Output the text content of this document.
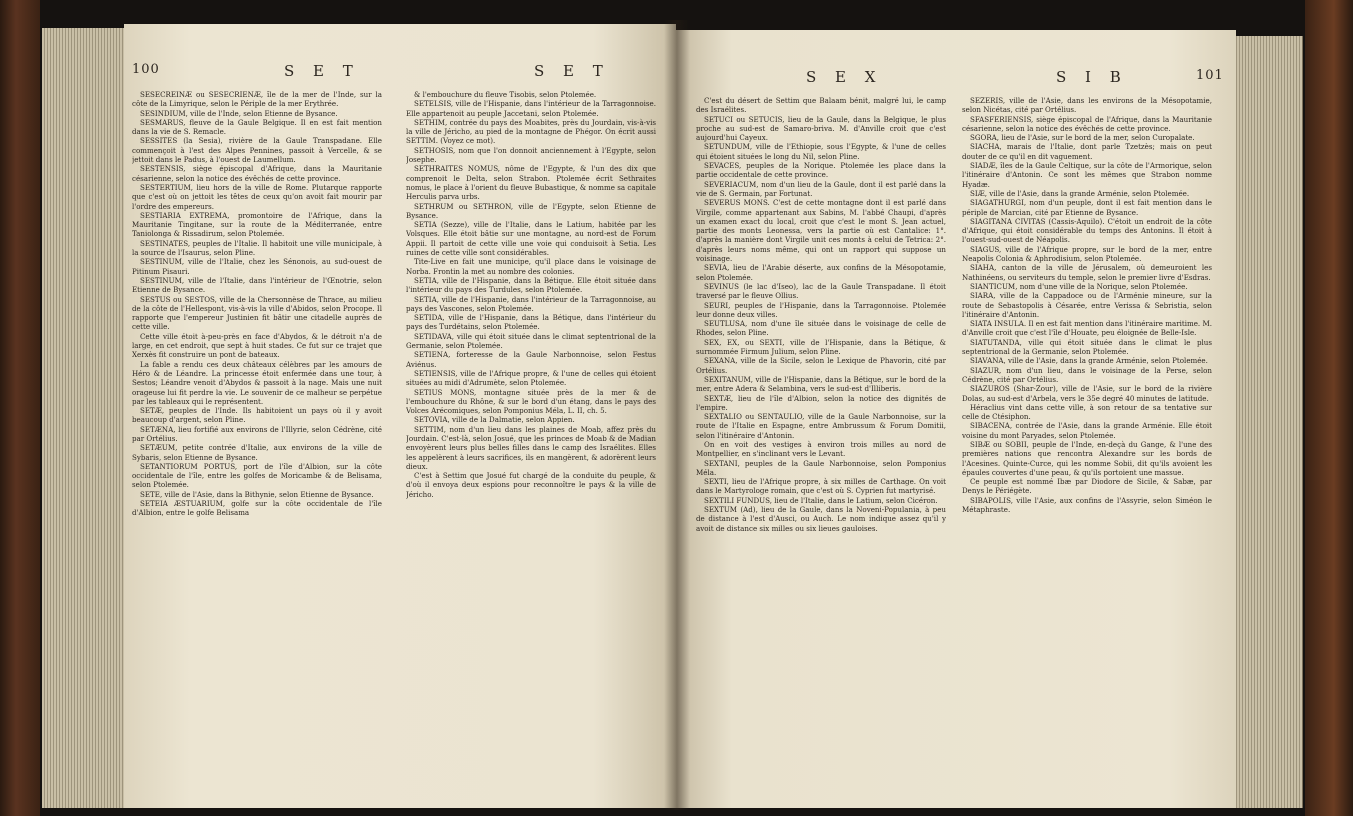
100	S E T	S E T

SESECREINÆ ou SESECRIENÆ, île de la mer de l'Inde, sur la côte de la Limyrique, selon le Périple de la mer Erythrée.

SESINDIUM, ville de l'Inde, selon Etienne de Bysance.

SESMARUS, fleuve de la Gaule Belgique. Il en est fait mention dans la vie de S. Remacle.

SESSITES (la Sesia), rivière de la Gaule Transpadane. Elle commençoit à l'est des Alpes Pennines, passoit à Vercelle, & se jettoit dans le Padus, à l'ouest de Laumellum.

SESTENSIS, siège épiscopal d'Afrique, dans la Mauritanie césarienne, selon la notice des évêchés de cette province.

SESTERTIUM, lieu hors de la ville de Rome. Plutarque rapporte que c'est où on jettoit les têtes de ceux qu'on avoit fait mourir par l'ordre des empereurs.

SESTIARIA EXTREMA, promontoire de l'Afrique, dans la Mauritanie Tingitane, sur la route de la Méditerranée, entre Taniolonga & Rissadirum, selon Ptolemée.

SESTINATES, peuples de l'Italie. Il habitoit une ville municipale, à la source de l'Isaurus, selon Pline.

SESTINUM, ville de l'Italie, chez les Sénonois, au sud-ouest de Pitinum Pisauri.

SESTINUM, ville de l'Italie, dans l'intérieur de l'Œnotrie, selon Etienne de Bysance.

SESTUS ou SESTOS, ville de la Chersonnèse de Thrace, au milieu de la côte de l'Hellespont, vis-à-vis la ville d'Abidos, selon Procope. Il rapporte que l'empereur Justinien fit bâtir une citadelle auprès de cette ville.

Cette ville étoit à-peu-près en face d'Abydos, & le détroit n'a de large, en cet endroit, que sept à huit stades. Ce fut sur ce trajet que Xerxès fit construire un pont de bateaux.

La fable a rendu ces deux châteaux célèbres par les amours de Héro & de Léandre. La princesse étoit enfermée dans une tour, à Sestos; Léandre venoit d'Abydos & passoit à la nage. Mais une nuit orageuse lui fit perdre la vie. Le souvenir de ce malheur se perpétue par les tableaux qui le représentent.

SETÆ, peuples de l'Inde. Ils habitoient un pays où il y avoit beaucoup d'argent, selon Pline.

SETÆNA, lieu fortifié aux environs de l'Illyrie, selon Cédrène, cité par Ortélius.

SETÆUM, petite contrée d'Italie, aux environs de la ville de Sybaris, selon Etienne de Bysance.

SETANTIORUM PORTUS, port de l'île d'Albion, sur la côte occidentale de l'île, entre les golfes de Moricambe & de Belisama, selon Ptolemée.

SETE, ville de l'Asie, dans la Bithynie, selon Etienne de Bysance.

SETEIA ÆSTUARIUM, golfe sur la côte occidentale de l'île d'Albion, entre le golfe Belisama

& l'embouchure du fleuve Tisobis, selon Ptolemée.

SETELSIS, ville de l'Hispanie, dans l'intérieur de la Tarragonnoise. Elle appartenoit au peuple Jaccetani, selon Ptolemée.

SETHIM, contrée du pays des Moabites, près du Jourdain, vis-à-vis la ville de Jéricho, au pied de la montagne de Phégor. On écrit aussi SETTIM. (Voyez ce mot).

SETHOSIS, nom que l'on donnoit anciennement à l'Egypte, selon Josephe.

SETHRAITES NOMUS, nôme de l'Egypte, & l'un des dix que comprenoit le Delta, selon Strabon. Ptolemée écrit Sethraites nomus, le place à l'orient du fleuve Bubastique, & nomme sa capitale Herculis parva urbs.

SETHRUM ou SETHRON, ville de l'Egypte, selon Etienne de Bysance.

SETIA (Sezze), ville de l'Italie, dans le Latium, habitée par les Volsques. Elle étoit bâtie sur une montagne, au nord-est de Forum Appii. Il partoit de cette ville une voie qui conduisoit à Setia. Les ruines de cette ville sont considérables.

Tite-Live en fait une municipe, qu'il place dans le voisinage de Norba. Frontin la met au nombre des colonies.

SETIA, ville de l'Hispanie, dans la Bétique. Elle étoit située dans l'intérieur du pays des Turdules, selon Ptolemée.

SETIA, ville de l'Hispanie, dans l'intérieur de la Tarragonnoise, au pays des Vascones, selon Ptolemée.

SETIDA, ville de l'Hispanie, dans la Bétique, dans l'intérieur du pays des Turdétains, selon Ptolemée.

SETIDAVA, ville qui étoit située dans le climat septentrional de la Germanie, selon Ptolemée.

SETIENA, forteresse de la Gaule Narbonnoise, selon Festus Aviénus.

SETIENSIS, ville de l'Afrique propre, & l'une de celles qui étoient situées au midi d'Adrumète, selon Ptolemée.

SETIUS MONS, montagne située près de la mer & de l'embouchure du Rhône, & sur le bord d'un étang, dans le pays des Volces Arécomiques, selon Pomponius Méla, L. II, ch. 5.

SETOVIA, ville de la Dalmatie, selon Appien.

SETTIM, nom d'un lieu dans les plaines de Moab, affez près du Jourdain. C'est-là, selon Josué, que les princes de Moab & de Madian envoyèrent leurs plus belles filles dans le camp des Israélites. Elles les appelèrent à leurs sacrifices, ils en mangèrent, & adorèrent leurs dieux.

C'est à Settim que Josué fut chargé de la conduite du peuple, & d'où il envoya deux espions pour reconnoître le pays & la ville de Jéricho.

S E X	S I B	101

C'est du désert de Settim que Balaam bénit, malgré lui, le camp des Israélites.

SETUCI ou SETUCIS, lieu de la Gaule, dans la Belgique, le plus proche au sud-est de Samaro-briva. M. d'Anville croit que c'est aujourd'hui Cayeux.

SETUNDUM, ville de l'Ethiopie, sous l'Egypte, & l'une de celles qui étoient situées le long du Nil, selon Pline.

SEVACES, peuples de la Norique. Ptolemée les place dans la partie occidentale de cette province.

SEVERIACUM, nom d'un lieu de la Gaule, dont il est parlé dans la vie de S. Germain, par Fortunat.

SEVERUS MONS. C'est de cette montagne dont il est parlé dans Virgile, comme appartenant aux Sabins, M. l'abbé Chaupi, d'après un examen exact du local, croit que c'est le mont S. Jean actuel, partie des monts Leonessa, vers la partie où est Cantalice: 1°. d'après la manière dont Virgile unit ces monts à celui de Tetrica: 2°. d'après leurs noms même, qui ont un rapport qui suppose un voisinage.

SEVIA, lieu de l'Arabie déserte, aux confins de la Mésopotamie, selon Ptolemée.

SEVINUS (le lac d'Iseo), lac de la Gaule Transpadane. Il étoit traversé par le fleuve Ollius.

SEURI, peuples de l'Hispanie, dans la Tarragonnoise. Ptolemée leur donne deux villes.

SEUTLUSA, nom d'une île située dans le voisinage de celle de Rhodes, selon Pline.

SEX, EX, ou SEXTI, ville de l'Hispanie, dans la Bétique, & surnommée Firmum Julium, selon Pline.

SEXANA, ville de la Sicile, selon le Lexique de Phavorin, cité par Ortélius.

SEXITANUM, ville de l'Hispanie, dans la Bétique, sur le bord de la mer, entre Adera & Selambina, vers le sud-est d'Illiberis.

SEXTÆ, lieu de l'île d'Albion, selon la notice des dignités de l'empire.

SEXTALIO ou SENTAULIO, ville de la Gaule Narbonnoise, sur la route de l'Italie en Espagne, entre Ambrussum & Forum Domitii, selon l'itinéraire d'Antonin.

On en voit des vestiges à environ trois milles au nord de Montpellier, en s'inclinant vers le Levant.

SEXTANI, peuples de la Gaule Narbonnoise, selon Pomponius Méla.

SEXTI, lieu de l'Afrique propre, à six milles de Carthage. On voit dans le Martyrologe romain, que c'est où S. Cyprien fut martyrisé.

SEXTILI FUNDUS, lieu de l'Italie, dans le Latium, selon Cicéron.

SEXTUM (Ad), lieu de la Gaule, dans la Noveni-Populania, à peu de distance à l'est d'Ausci, ou Auch. Le nom indique assez qu'il y avoit de distance six milles ou six lieues gauloises.

SEZERIS, ville de l'Asie, dans les environs de la Mésopotamie, selon Nicétas, cité par Ortélius.

SFASFERIENSIS, siège épiscopal de l'Afrique, dans la Mauritanie césarienne, selon la notice des évêchés de cette province.

SGORA, lieu de l'Asie, sur le bord de la mer, selon Curopalate.

SIACHA, marais de l'Italie, dont parle Tzetzès; mais on peut douter de ce qu'il en dit vaguement.

SIADÆ, îles de la Gaule Celtique, sur la côte de l'Armorique, selon l'itinéraire d'Antonin. Ce sont les mêmes que Strabon nomme Hyadæ.

SIÆ, ville de l'Asie, dans la grande Arménie, selon Ptolemée.

SIAGATHURGI, nom d'un peuple, dont il est fait mention dans le périple de Marcian, cité par Etienne de Bysance.

SIAGITANA CIVITAS (Cassis-Aquilo). C'étoit un endroit de la côte d'Afrique, qui étoit considérable du temps des Antonins. Il étoit à l'ouest-sud-ouest de Néapolis.

SIAGUS, ville de l'Afrique propre, sur le bord de la mer, entre Neapolis Colonia & Aphrodisium, selon Ptolemée.

SIAHA, canton de la ville de Jérusalem, où demeuroient les Nathinéens, ou serviteurs du temple, selon le premier livre d'Esdras.

SIANTICUM, nom d'une ville de la Norique, selon Ptolemée.

SIARA, ville de la Cappadoce ou de l'Arménie mineure, sur la route de Sebastopolis à Césarée, entre Verissa & Sebristia, selon l'itinéraire d'Antonin.

SIATA INSULA. Il en est fait mention dans l'itinéraire maritime. M. d'Anville croit que c'est l'île d'Houate, peu éloignée de Belle-Isle.

SIATUTANDA, ville qui étoit située dans le climat le plus septentrional de la Germanie, selon Ptolemée.

SIAVANA, ville de l'Asie, dans la grande Arménie, selon Ptolemée.

SIAZUR, nom d'un lieu, dans le voisinage de la Perse, selon Cédrène, cité par Ortélius.

SIAZUROS (Shar-Zour), ville de l'Asie, sur le bord de la rivière Dolas, au sud-est d'Arbela, vers le 35e degré 40 minutes de latitude.

Héraclius vint dans cette ville, à son retour de sa tentative sur celle de Ctésiphon.

SIBACENA, contrée de l'Asie, dans la grande Arménie. Elle étoit voisine du mont Paryades, selon Ptolemée.

SIBÆ ou SOBII, peuple de l'Inde, en-deçà du Gange, & l'une des premières nations que rencontra Alexandre sur les bords de l'Acesines. Quinte-Curce, qui les nomme Sobii, dit qu'ils avoient les épaules couvertes d'une peau, & qu'ils portoient une massue.

Ce peuple est nommé Ibæ par Diodore de Sicile, & Sabæ, par Denys le Périégète.

SIBAPOLIS, ville l'Asie, aux confins de l'Assyrie, selon Siméon le Métaphraste.
